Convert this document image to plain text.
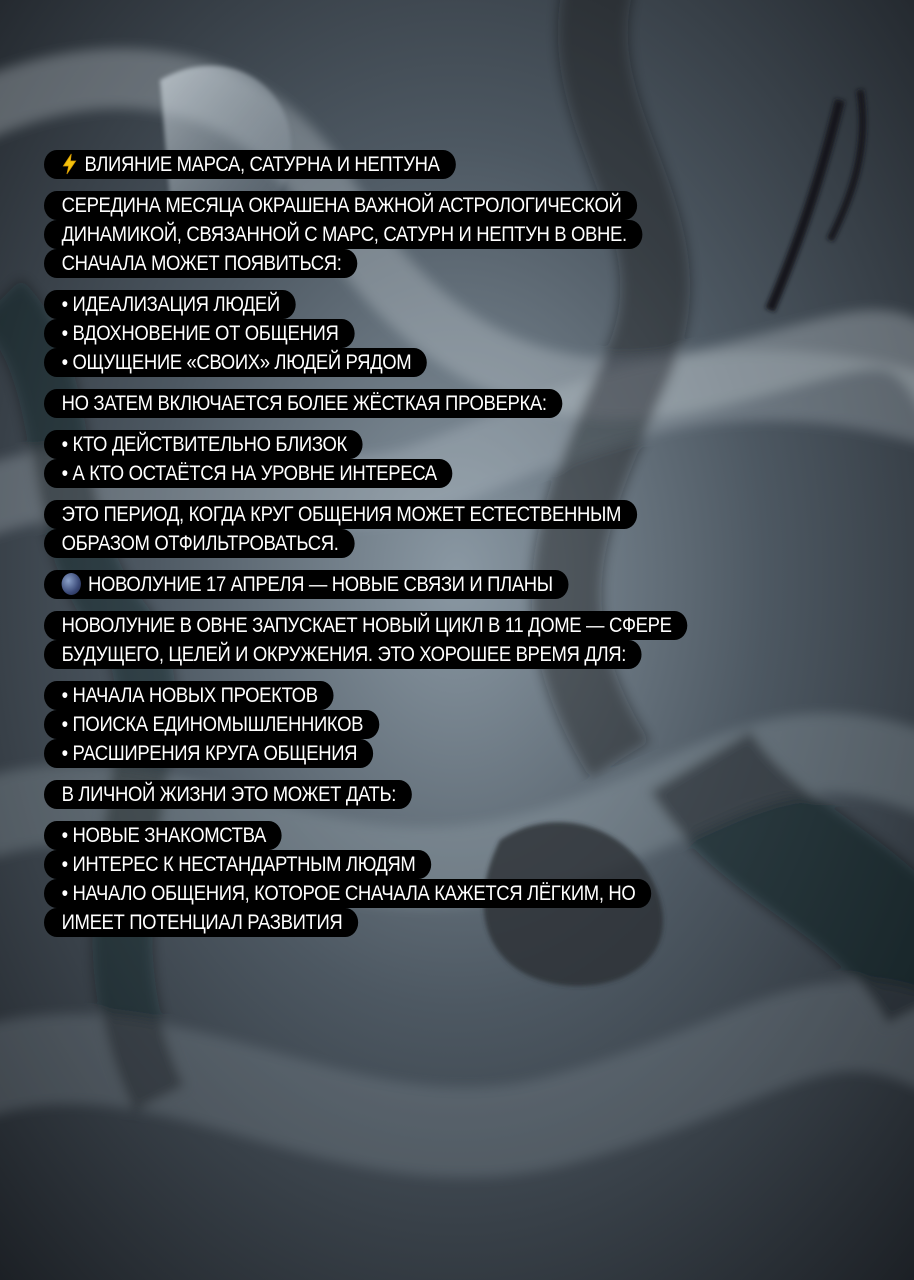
ВЛИЯНИЕ МАРСА, САТУРНА И НЕПТУНА
СЕРЕДИНА МЕСЯЦА ОКРАШЕНА ВАЖНОЙ АСТРОЛОГИЧЕСКОЙ
ДИНАМИКОЙ, СВЯЗАННОЙ С МАРС, САТУРН И НЕПТУН В ОВНЕ.
СНАЧАЛА МОЖЕТ ПОЯВИТЬСЯ:
• ИДЕАЛИЗАЦИЯ ЛЮДЕЙ
• ВДОХНОВЕНИЕ ОТ ОБЩЕНИЯ
• ОЩУЩЕНИЕ «СВОИХ» ЛЮДЕЙ РЯДОМ
НО ЗАТЕМ ВКЛЮЧАЕТСЯ БОЛЕЕ ЖЁСТКАЯ ПРОВЕРКА:
• КТО ДЕЙСТВИТЕЛЬНО БЛИЗОК
• А КТО ОСТАЁТСЯ НА УРОВНЕ ИНТЕРЕСА
ЭТО ПЕРИОД, КОГДА КРУГ ОБЩЕНИЯ МОЖЕТ ЕСТЕСТВЕННЫМ
ОБРАЗОМ ОТФИЛЬТРОВАТЬСЯ.
НОВОЛУНИЕ 17 АПРЕЛЯ — НОВЫЕ СВЯЗИ И ПЛАНЫ
НОВОЛУНИЕ В ОВНЕ ЗАПУСКАЕТ НОВЫЙ ЦИКЛ В 11 ДОМЕ — СФЕРЕ
БУДУЩЕГО, ЦЕЛЕЙ И ОКРУЖЕНИЯ. ЭТО ХОРОШЕЕ ВРЕМЯ ДЛЯ:
• НАЧАЛА НОВЫХ ПРОЕКТОВ
• ПОИСКА ЕДИНОМЫШЛЕННИКОВ
• РАСШИРЕНИЯ КРУГА ОБЩЕНИЯ
В ЛИЧНОЙ ЖИЗНИ ЭТО МОЖЕТ ДАТЬ:
• НОВЫЕ ЗНАКОМСТВА
• ИНТЕРЕС К НЕСТАНДАРТНЫМ ЛЮДЯМ
• НАЧАЛО ОБЩЕНИЯ, КОТОРОЕ СНАЧАЛА КАЖЕТСЯ ЛЁГКИМ, НО
ИМЕЕТ ПОТЕНЦИАЛ РАЗВИТИЯ
